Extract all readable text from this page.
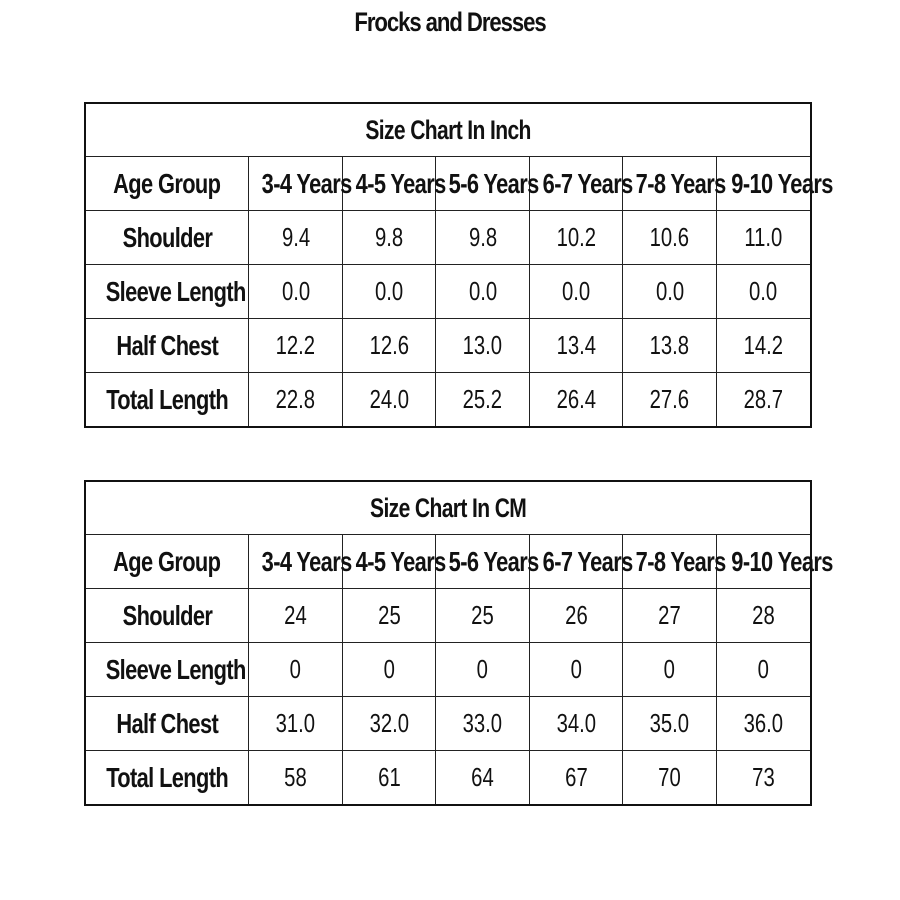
Frocks and Dresses
Size Chart In Inch						
Age Group	3-4 Years	4-5 Years	5-6 Years	6-7 Years	7-8 Years	9-10 Years
Shoulder	9.4	9.8	9.8	10.2	10.6	11.0
Sleeve Length	0.0	0.0	0.0	0.0	0.0	0.0
Half Chest	12.2	12.6	13.0	13.4	13.8	14.2
Total Length	22.8	24.0	25.2	26.4	27.6	28.7
Size Chart In CM						
Age Group	3-4 Years	4-5 Years	5-6 Years	6-7 Years	7-8 Years	9-10 Years
Shoulder	24	25	25	26	27	28
Sleeve Length	0	0	0	0	0	0
Half Chest	31.0	32.0	33.0	34.0	35.0	36.0
Total Length	58	61	64	67	70	73
